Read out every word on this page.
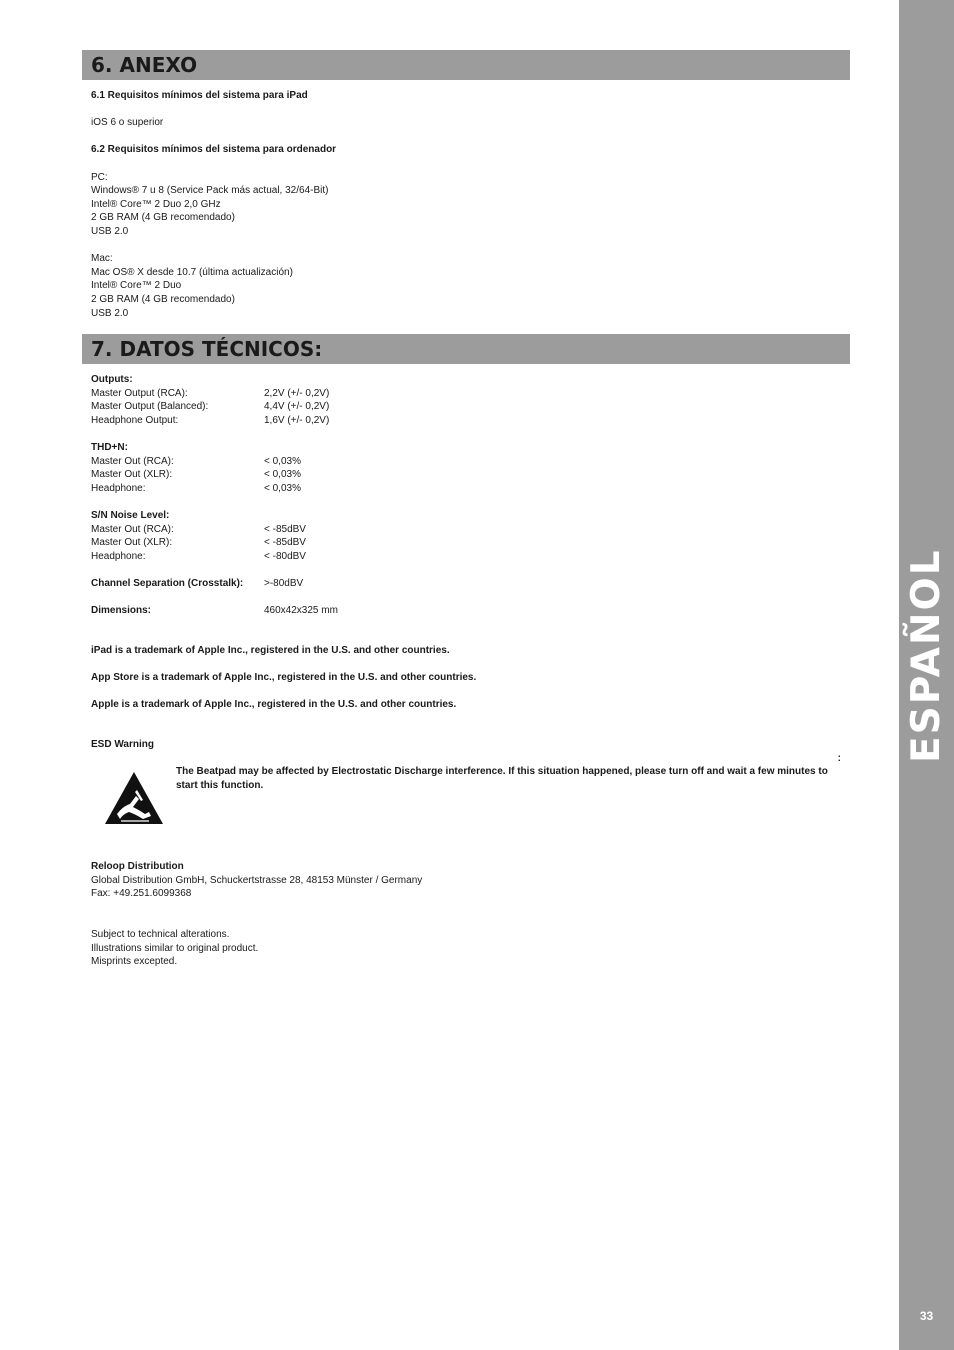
ESPAÑOL
33
6. ANEXO
6.1 Requisitos mínimos del sistema para iPad
iOS 6 o superior
6.2 Requisitos mínimos del sistema para ordenador
PC:
Windows® 7 u 8 (Service Pack más actual, 32/64-Bit)
Intel® Core™ 2 Duo 2,0 GHz
2 GB RAM (4 GB recomendado)
USB 2.0
Mac:
Mac OS® X desde 10.7 (última actualización)
Intel® Core™ 2 Duo
2 GB RAM (4 GB recomendado)
USB 2.0
7. DATOS TÉCNICOS:
Outputs:
Master Output (RCA):	2,2V (+/- 0,2V)
Master Output (Balanced):	4,4V (+/- 0,2V)
Headphone Output:	1,6V (+/- 0,2V)
THD+N:
Master Out (RCA):	< 0,03%
Master Out (XLR):	< 0,03%
Headphone:	< 0,03%
S/N Noise Level:
Master Out (RCA):	< -85dBV
Master Out (XLR):	< -85dBV
Headphone:	< -80dBV
Channel Separation (Crosstalk):	>-80dBV
Dimensions:	460x42x325 mm
iPad is a trademark of Apple Inc., registered in the U.S. and other countries.
App Store is a trademark of Apple Inc., registered in the U.S. and other countries.
Apple is a trademark of Apple Inc., registered in the U.S. and other countries.
ESD Warning
:
The Beatpad may be affected by Electrostatic Discharge interference. If this situation happened, please turn off and wait a few minutes to start this function.
Reloop Distribution
Global Distribution GmbH, Schuckertstrasse 28, 48153 Münster / Germany
Fax: +49.251.6099368
Subject to technical alterations.
Illustrations similar to original product.
Misprints excepted.
